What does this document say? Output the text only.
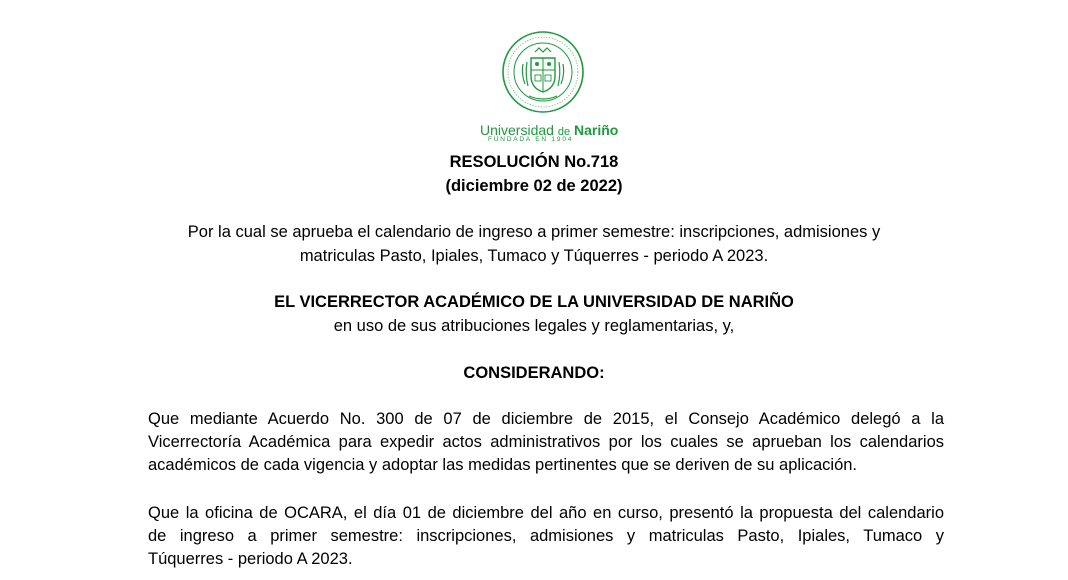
Universidad de Nariño
FUNDADA EN 1904
RESOLUCIÓN No.718
(diciembre 02 de 2022)
Por la cual se aprueba el calendario de ingreso a primer semestre: inscripciones, admisiones y
matriculas Pasto, Ipiales, Tumaco y Túquerres - periodo A 2023.
EL VICERRECTOR ACADÉMICO DE LA UNIVERSIDAD DE NARIÑO
en uso de sus atribuciones legales y reglamentarias, y,
CONSIDERANDO:
Que mediante Acuerdo No. 300 de 07 de diciembre de 2015, el Consejo Académico delegó a la
Vicerrectoría Académica para expedir actos administrativos por los cuales se aprueban los calendarios
académicos de cada vigencia y adoptar las medidas pertinentes que se deriven de su aplicación.
Que la oficina de OCARA, el día 01 de diciembre del año en curso, presentó la propuesta del calendario
de ingreso a primer semestre: inscripciones, admisiones y matriculas Pasto, Ipiales, Tumaco y
Túquerres - periodo A 2023.
